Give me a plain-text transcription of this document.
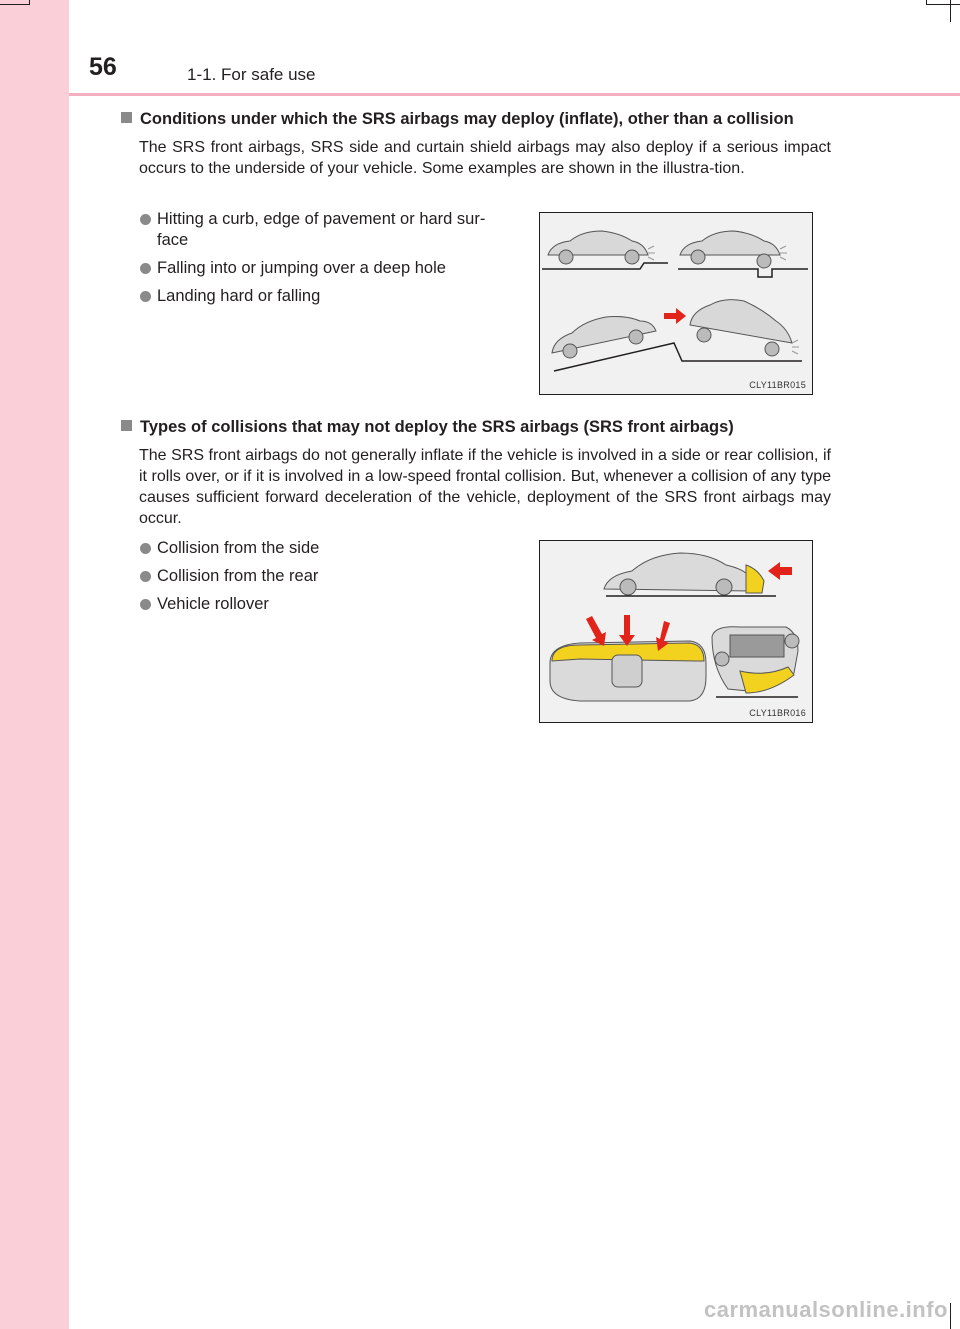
56	1-1. For safe use
Conditions under which the SRS airbags may deploy (inflate), other than a collision

The SRS front airbags, SRS side and curtain shield airbags may also deploy if a serious impact occurs to the underside of your vehicle. Some examples are shown in the illustra-tion.

Hitting a curb, edge of pavement or hard sur-face
Falling into or jumping over a deep hole
Landing hard or falling
CLY11BR015
Types of collisions that may not deploy the SRS airbags (SRS front airbags)

The SRS front airbags do not generally inflate if the vehicle is involved in a side or rear collision, if it rolls over, or if it is involved in a low-speed frontal collision. But, whenever a collision of any type causes sufficient forward deceleration of the vehicle, deployment of the SRS front airbags may occur.

Collision from the side
Collision from the rear
Vehicle rollover
CLY11BR016
carmanualsonline.info
